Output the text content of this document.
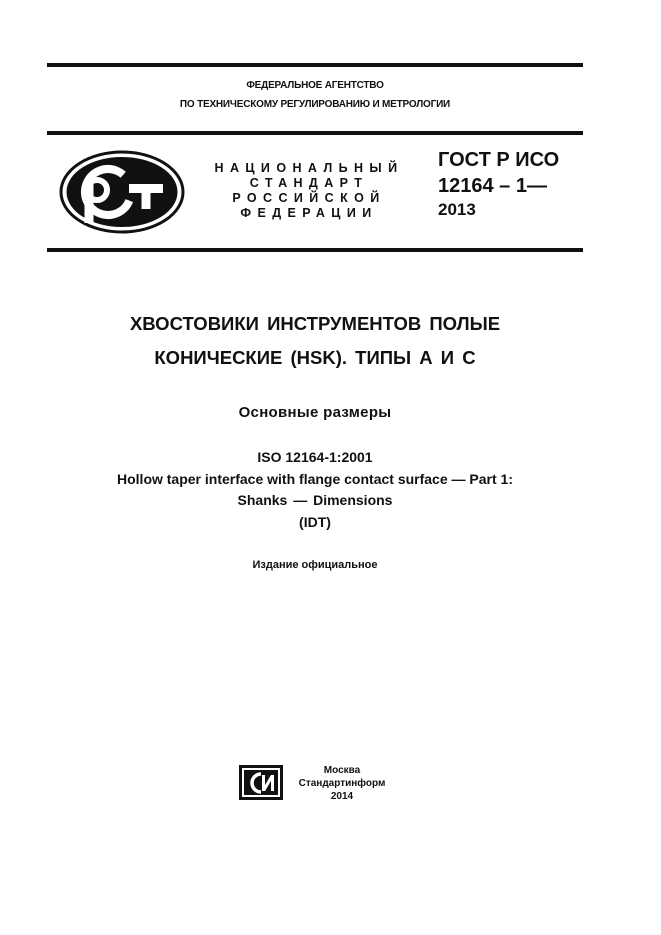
ФЕДЕРАЛЬНОЕ АГЕНТСТВО
ПО ТЕХНИЧЕСКОМУ РЕГУЛИРОВАНИЮ И МЕТРОЛОГИИ
НАЦИОНАЛЬНЫЙ
СТАНДАРТ
РОССИЙСКОЙ
ФЕДЕРАЦИИ
ГОСТ Р ИСО
12164 – 1—
2013
ХВОСТОВИКИ ИНСТРУМЕНТОВ ПОЛЫЕ
КОНИЧЕСКИЕ (HSK). ТИПЫ А И С
Основные размеры
ISO 12164-1:2001
Hollow taper interface with flange contact surface — Part 1:
Shanks — Dimensions
(IDT)
Издание официальное
Москва
Стандартинформ
2014
